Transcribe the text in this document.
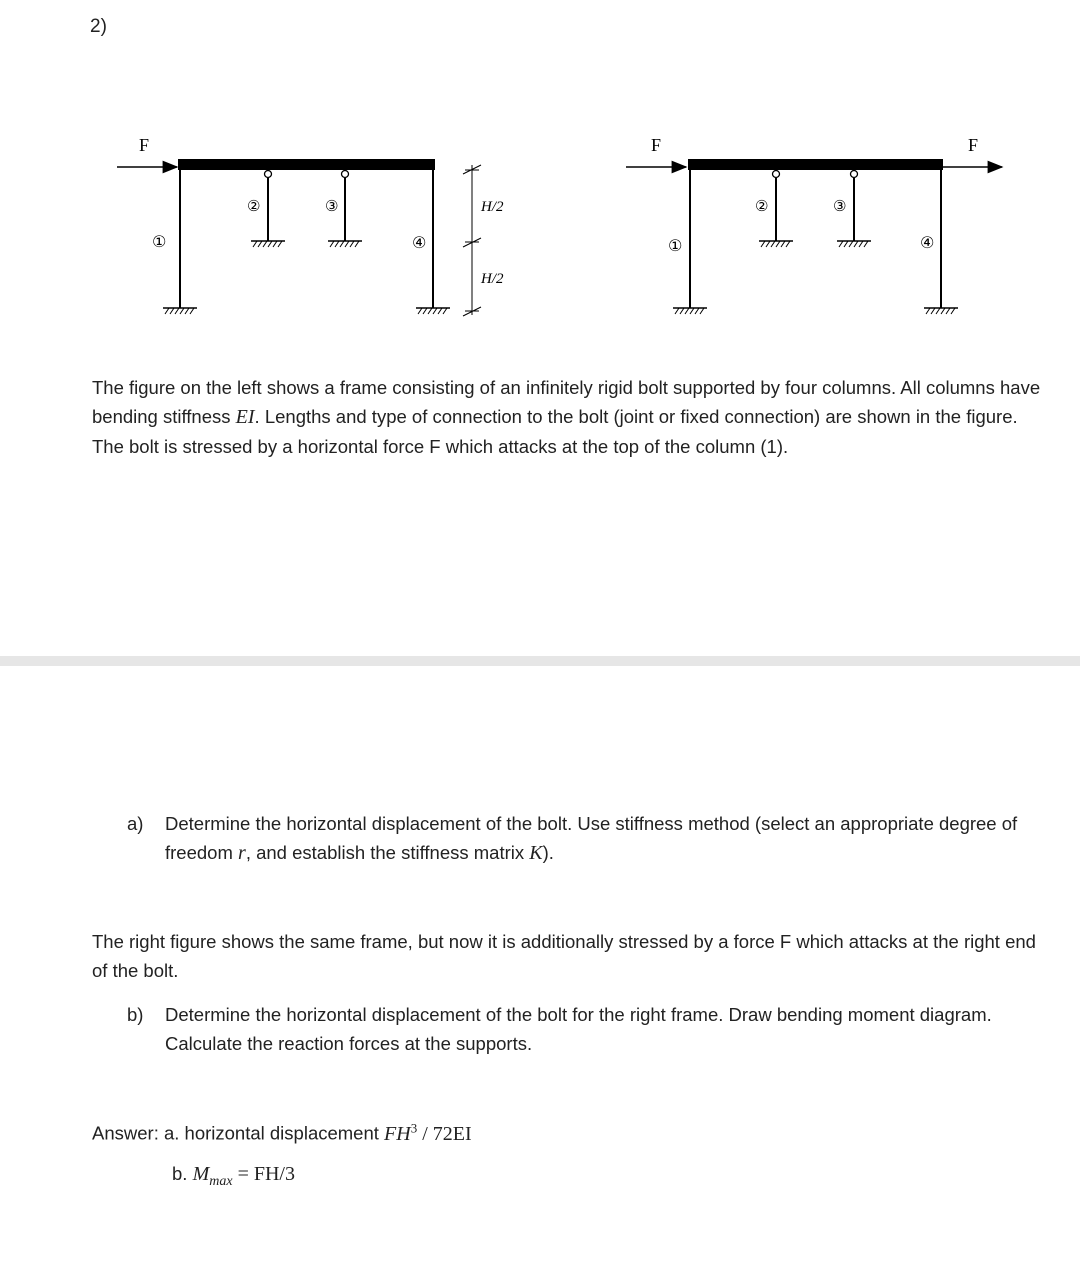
2)
F
①
②	③
④
H/2
H/2
F	F
①
②	③
④
The figure on the left shows a frame consisting of an infinitely rigid bolt supported by four columns. All columns have bending stiffness EI. Lengths and type of connection to the bolt (joint or fixed connection) are shown in the figure. The bolt is stressed by a horizontal force F which attacks at the top of the column (1).
a) Determine the horizontal displacement of the bolt. Use stiffness method (select an appropriate degree of freedom r, and establish the stiffness matrix K).
The right figure shows the same frame, but now it is additionally stressed by a force F which attacks at the right end of the bolt.
b) Determine the horizontal displacement of the bolt for the right frame. Draw bending moment diagram. Calculate the reaction forces at the supports.
Answer: a. horizontal displacement $FH^3 / 72EI$
b. $M_{max} = FH/3$
